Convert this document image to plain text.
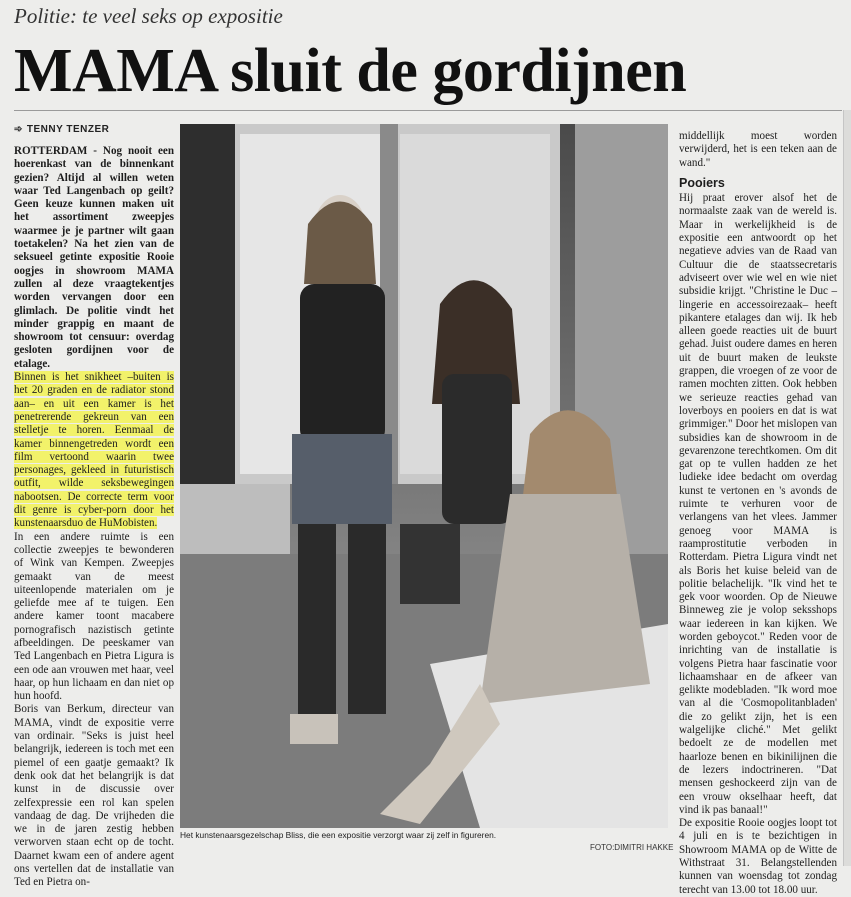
Politie: te veel seks op expositie
MAMA sluit de gordijnen
➾ TENNY TENZER

ROTTERDAM - Nog nooit een hoerenkast van de binnenkant gezien? Altijd al willen weten waar Ted Langenbach op geilt? Geen keuze kunnen maken uit het assortiment zweepjes waarmee je je partner wilt gaan toetakelen? Na het zien van de seksueel getinte expositie Rooie oogjes in showroom MAMA zullen al deze vraagtekentjes worden vervangen door een glimlach. De politie vindt het minder grappig en maant de showroom tot censuur: overdag gesloten gordijnen voor de etalage.

Binnen is het snikheet –buiten is het 20 graden en de radiator stond aan– en uit een kamer is het penetrerende gekreun van een stelletje te horen. Eenmaal de kamer binnengetreden wordt een film vertoond waarin twee personages, gekleed in futuristisch outfit, wilde seksbewegingen nabootsen. De correcte term voor dit genre is cyber-porn door het kunstenaarsduo de HuMobisten.

In een andere ruimte is een collectie zweepjes te bewonderen of Wink van Kempen. Zweepjes gemaakt van de meest uiteenlopende materialen om je geliefde mee af te tuigen. Een andere kamer toont macabere pornografisch nazistisch getinte afbeeldingen. De peeskamer van Ted Langenbach en Pietra Ligura is een ode aan vrouwen met haar, veel haar, op hun lichaam en dan niet op hun hoofd.

Boris van Berkum, directeur van MAMA, vindt de expositie verre van ordinair. "Seks is juist heel belangrijk, iedereen is toch met een piemel of een gaatje gemaakt? Ik denk ook dat het belangrijk is dat kunst in de discussie over zelfexpressie een rol kan spelen vandaag de dag. De vrijheden die we in de jaren zestig hebben verworven staan echt op de tocht. Daarnet kwam een of andere agent ons vertellen dat de installatie van Ted en Pietra on-

Het kunstenaarsgezelschap Bliss, die een expositie verzorgt waar zij zelf in figureren.
FOTO:DIMITRI HAKKE

middellijk moest worden verwijderd, het is een teken aan de wand."

Pooiers

Hij praat erover alsof het de normaalste zaak van de wereld is. Maar in werkelijkheid is de expositie een antwoordt op het negatieve advies van de Raad van Cultuur die de staatssecretaris adviseert over wie wel en wie niet subsidie krijgt. "Christine le Duc –lingerie en accessoirezaak– heeft pikantere etalages dan wij. Ik heb alleen goede reacties uit de buurt gehad. Juist oudere dames en heren uit de buurt maken de leukste grappen, die vroegen of ze voor de ramen mochten zitten. Ook hebben we serieuze reacties gehad van loverboys en pooiers en dat is wat grimmiger." Door het mislopen van subsidies kan de showroom in de gevarenzone terechtkomen. Om dit gat op te vullen hadden ze het ludieke idee bedacht om overdag kunst te vertonen en 's avonds de ruimte te verhuren voor de verlangens van het vlees. Jammer genoeg voor MAMA is raamprostitutie verboden in Rotterdam. Pietra Ligura vindt net als Boris het kuise beleid van de politie belachelijk. "Ik vind het te gek voor woorden. Op de Nieuwe Binneweg zie je volop seksshops waar iedereen in kan kijken. We worden geboycot." Reden voor de inrichting van de installatie is volgens Pietra haar fascinatie voor lichaamshaar en de afkeer van gelikte modebladen. "Ik word moe van al die 'Cosmopolitanbladen' die zo gelikt zijn, het is een walgelijke cliché." Met gelikt bedoelt ze de modellen met haarloze benen en bikinilijnen die de lezers indoctrineren. "Dat mensen geshockeerd zijn van de een vrouw okselhaar heeft, dat vind ik pas banaal!"

De expositie Rooie oogjes loopt tot 4 juli en is te bezichtigen in Showroom MAMA op de Witte de Withstraat 31. Belangstellenden kunnen van woensdag tot zondag terecht van 13.00 tot 18.00 uur.
